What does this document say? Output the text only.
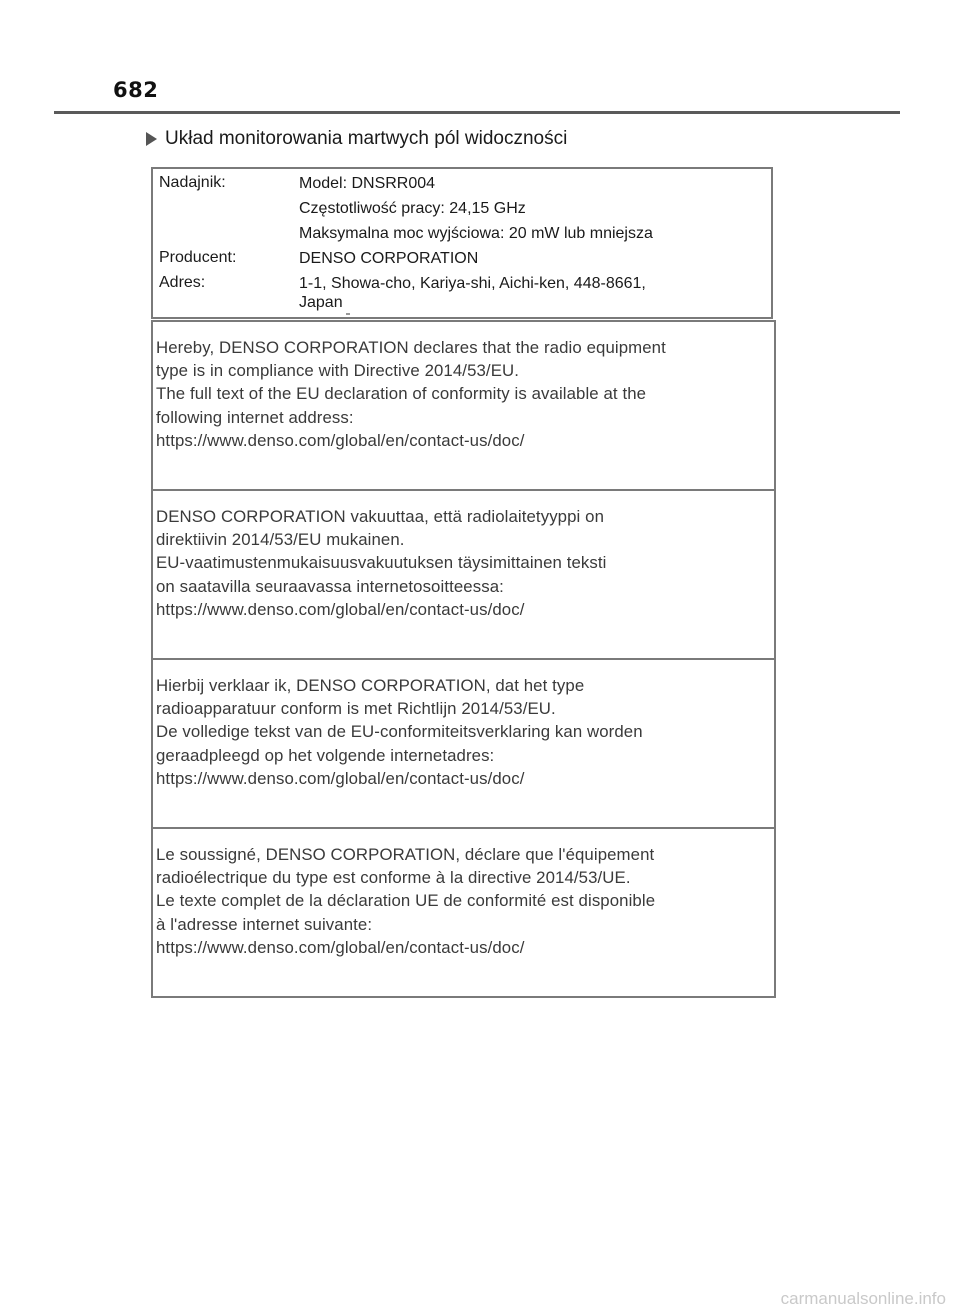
682
Układ monitorowania martwych pól widoczności
Nadajnik:	Model: DNSRR004
Częstotliwość pracy: 24,15 GHz
Maksymalna moc wyjściowa: 20 mW lub mniejsza
Producent:	DENSO CORPORATION
Adres:	1-1, Showa-cho, Kariya-shi, Aichi-ken, 448-8661,
Japan
Hereby, DENSO CORPORATION declares that the radio equipment
type is in compliance with Directive 2014/53/EU.
The full text of the EU declaration of conformity is available at the
following internet address:
https://www.denso.com/global/en/contact-us/doc/
DENSO CORPORATION vakuuttaa, että radiolaitetyyppi on
direktiivin 2014/53/EU mukainen.
EU-vaatimustenmukaisuusvakuutuksen täysimittainen teksti
on saatavilla seuraavassa internetosoitteessa:
https://www.denso.com/global/en/contact-us/doc/
Hierbij verklaar ik, DENSO CORPORATION, dat het type
radioapparatuur conform is met Richtlijn 2014/53/EU.
De volledige tekst van de EU-conformiteitsverklaring kan worden
geraadpleegd op het volgende internetadres:
https://www.denso.com/global/en/contact-us/doc/
Le soussigné, DENSO CORPORATION, déclare que l'équipement
radioélectrique du type est conforme à la directive 2014/53/UE.
Le texte complet de la déclaration UE de conformité est disponible
à l'adresse internet suivante:
https://www.denso.com/global/en/contact-us/doc/
carmanualsonline.info
